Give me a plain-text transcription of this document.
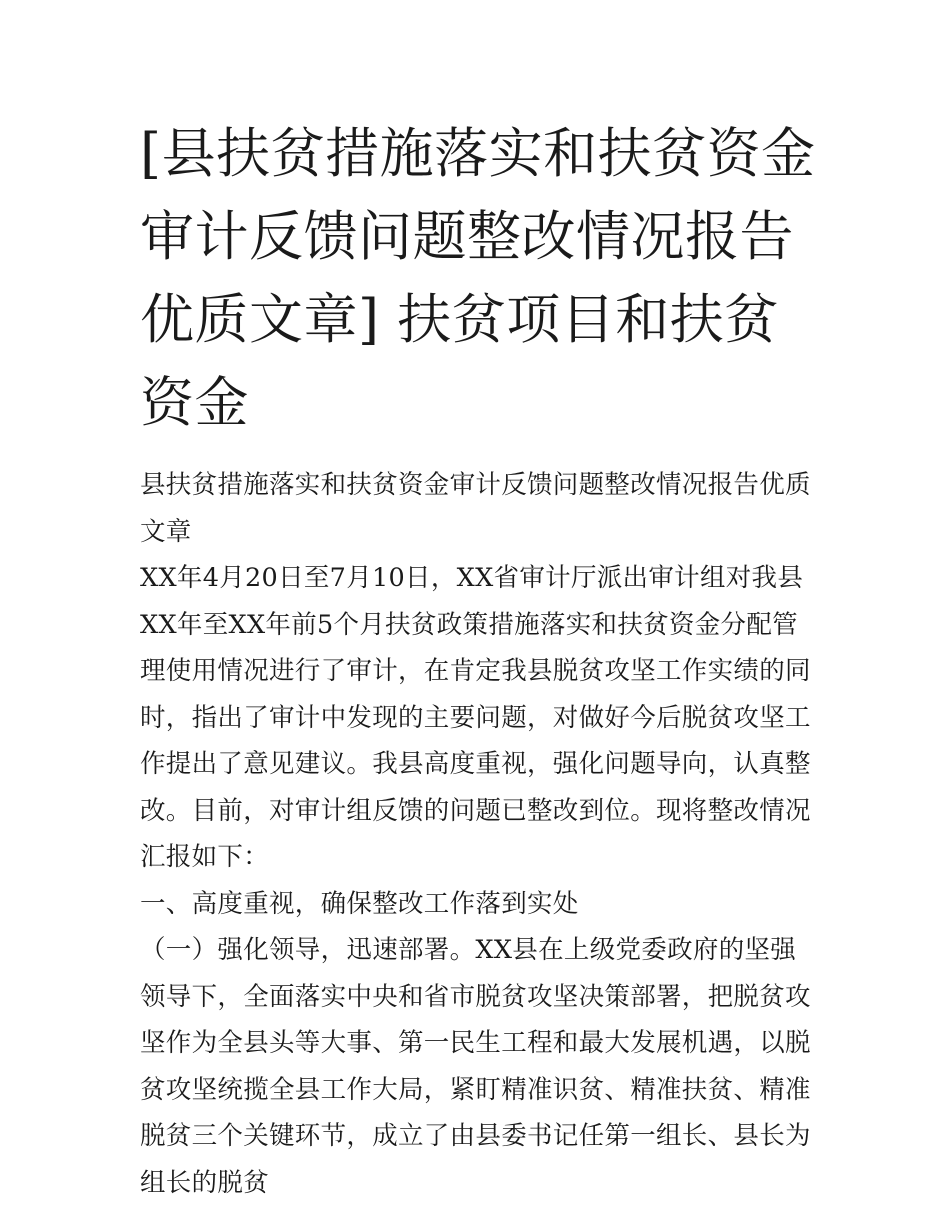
[县扶贫措施落实和扶贫资金审计反馈问题整改情况报告优质文章] 扶贫项目和扶贫资金

县扶贫措施落实和扶贫资金审计反馈问题整改情况报告优质文章

XX年4月20日至7月10日，XX省审计厅派出审计组对我县XX年至XX年前5个月扶贫政策措施落实和扶贫资金分配管理使用情况进行了审计，在肯定我县脱贫攻坚工作实绩的同时，指出了审计中发现的主要问题，对做好今后脱贫攻坚工作提出了意见建议。我县高度重视，强化问题导向，认真整改。目前，对审计组反馈的问题已整改到位。现将整改情况汇报如下：

一、高度重视，确保整改工作落到实处

（一）强化领导，迅速部署。XX县在上级党委政府的坚强领导下，全面落实中央和省市脱贫攻坚决策部署，把脱贫攻坚作为全县头等大事、第一民生工程和最大发展机遇，以脱贫攻坚统揽全县工作大局，紧盯精准识贫、精准扶贫、精准脱贫三个关键环节，成立了由县委书记任第一组长、县长为组长的脱贫
